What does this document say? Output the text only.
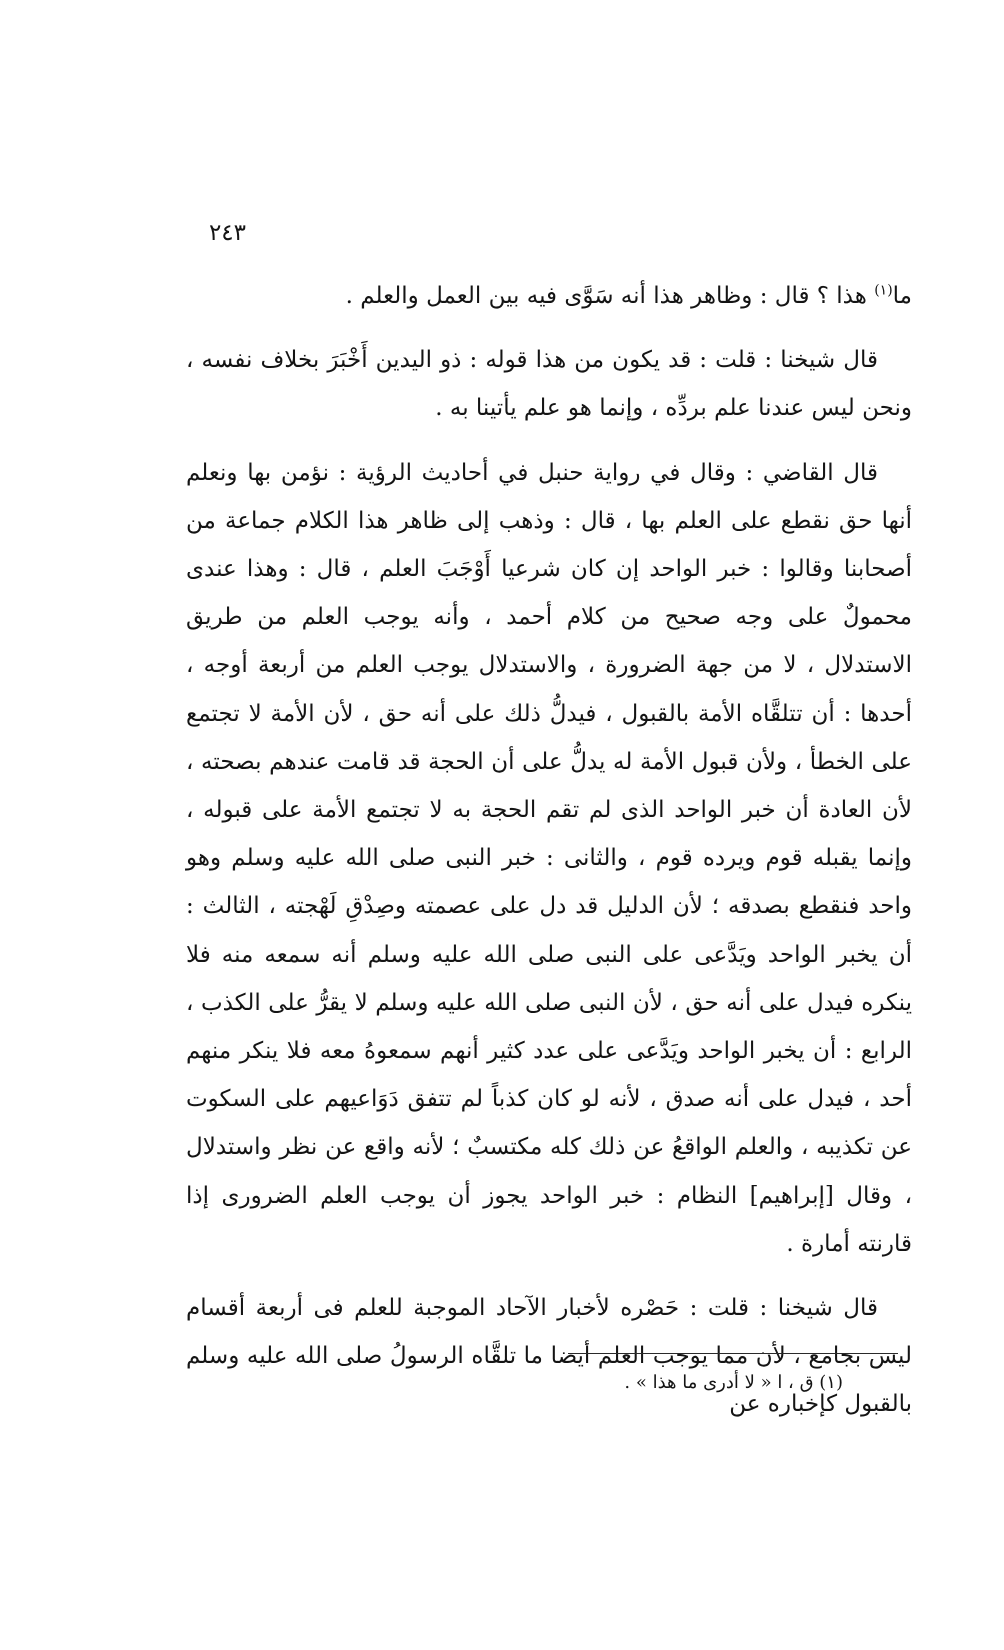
٢٤٣

ما$^{(١)}$ هذا ؟ قال : وظاهر هذا أنه سَوَّى فيه بين العمل والعلم .

قال شيخنا : قلت : قد يكون من هذا قوله : ذو اليدين أَخْبَرَ بخلاف نفسه ، ونحن ليس عندنا علم بردِّه ، وإنما هو علم يأتينا به .

قال القاضي : وقال في رواية حنبل في أحاديث الرؤية : نؤمن بها ونعلم أنها حق نقطع على العلم بها ، قال : وذهب إلى ظاهر هذا الكلام جماعة من أصحابنا وقالوا : خبر الواحد إن كان شرعيا أَوْجَبَ العلم ، قال : وهذا عندى محمولٌ على وجه صحيح من كلام أحمد ، وأنه يوجب العلم من طريق الاستدلال ، لا من جهة الضرورة ، والاستدلال يوجب العلم من أربعة أوجه ، أحدها : أن تتلقَّاه الأمة بالقبول ، فيدلُّ ذلك على أنه حق ، لأن الأمة لا تجتمع على الخطأ ، ولأن قبول الأمة له يدلُّ على أن الحجة قد قامت عندهم بصحته ، لأن العادة أن خبر الواحد الذى لم تقم الحجة به لا تجتمع الأمة على قبوله ، وإنما يقبله قوم ويرده قوم ، والثانى : خبر النبى صلى الله عليه وسلم وهو واحد فنقطع بصدقه ؛ لأن الدليل قد دل على عصمته وصِدْقِ لَهْجته ، الثالث : أن يخبر الواحد ويَدَّعى على النبى صلى الله عليه وسلم أنه سمعه منه فلا ينكره فيدل على أنه حق ، لأن النبى صلى الله عليه وسلم لا يقرُّ على الكذب ، الرابع : أن يخبر الواحد ويَدَّعى على عدد كثير أنهم سمعوهُ معه فلا ينكر منهم أحد ، فيدل على أنه صدق ، لأنه لو كان كذباً لم تتفق دَوَاعيهم على السكوت عن تكذيبه ، والعلم الواقعُ عن ذلك كله مكتسبٌ ؛ لأنه واقع عن نظر واستدلال ، وقال [إبراهيم] النظام : خبر الواحد يجوز أن يوجب العلم الضرورى إذا قارنته أمارة .

قال شيخنا : قلت : حَصْره لأخبار الآحاد الموجبة للعلم فى أربعة أقسام ليس بجامع ، لأن مما يوجب العلم أيضا ما تلقَّاه الرسولُ صلى الله عليه وسلم بالقبول كإخباره عن

(١) ق ، ا « لا أدرى ما هذا » .
